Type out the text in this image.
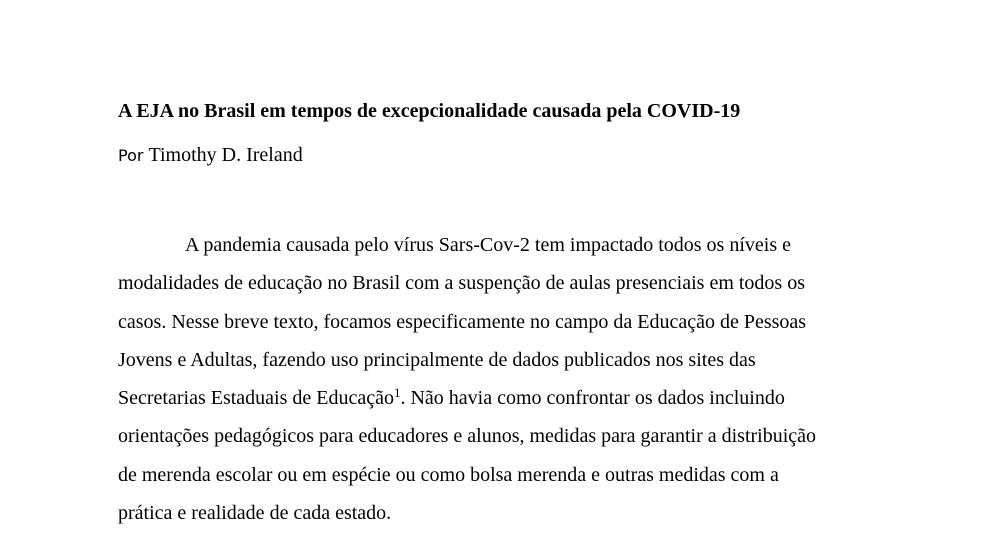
A EJA no Brasil em tempos de excepcionalidade causada pela COVID-19

Por Timothy D. Ireland

A pandemia causada pelo vírus Sars-Cov-2 tem impactado todos os níveis e
modalidades de educação no Brasil com a suspenção de aulas presenciais em todos os
casos. Nesse breve texto, focamos especificamente no campo da Educação de Pessoas
Jovens e Adultas, fazendo uso principalmente de dados publicados nos sites das
Secretarias Estaduais de Educação$^1$. Não havia como confrontar os dados incluindo
orientações pedagógicos para educadores e alunos, medidas para garantir a distribuição
de merenda escolar ou em espécie ou como bolsa merenda e outras medidas com a
prática e realidade de cada estado.
